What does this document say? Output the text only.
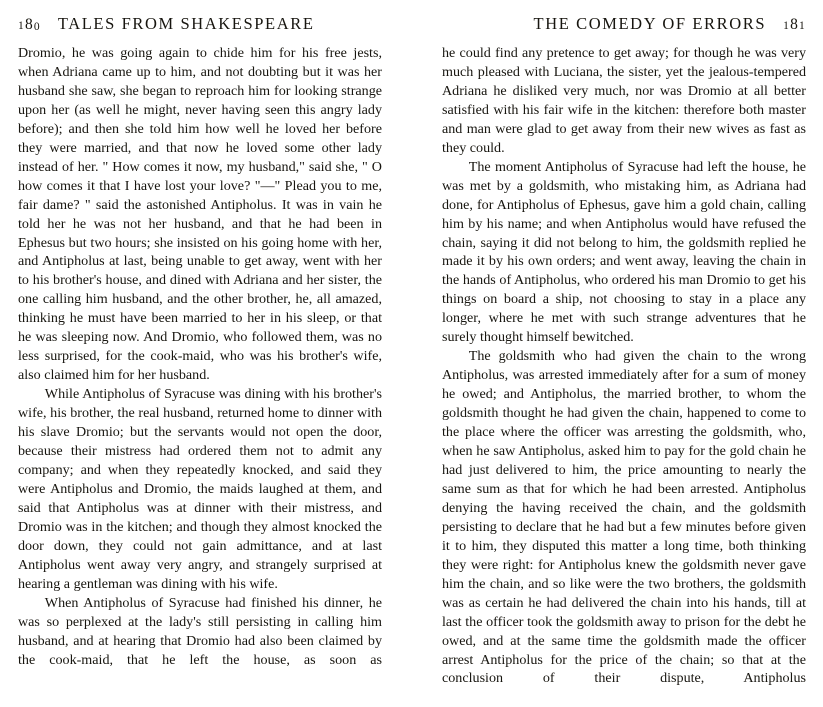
180 TALES FROM SHAKESPEARE	THE COMEDY OF ERRORS 181

Dromio, he was going again to chide him for his free jests, when Adriana came up to him, and not doubting but it was her husband she saw, she began to reproach him for looking strange upon her (as well he might, never having seen this angry lady before); and then she told him how well he loved her before they were married, and that now he loved some other lady instead of her. " How comes it now, my husband," said she, " O how comes it that I have lost your love? "—" Plead you to me, fair dame? " said the astonished Antipholus. It was in vain he told her he was not her husband, and that he had been in Ephesus but two hours; she insisted on his going home with her, and Antipholus at last, being unable to get away, went with her to his brother's house, and dined with Adriana and her sister, the one calling him husband, and the other brother, he, all amazed, thinking he must have been married to her in his sleep, or that he was sleeping now. And Dromio, who followed them, was no less surprised, for the cook-maid, who was his brother's wife, also claimed him for her husband.

While Antipholus of Syracuse was dining with his brother's wife, his brother, the real husband, returned home to dinner with his slave Dromio; but the servants would not open the door, because their mistress had ordered them not to admit any company; and when they repeatedly knocked, and said they were Antipholus and Dromio, the maids laughed at them, and said that Antipholus was at dinner with their mistress, and Dromio was in the kitchen; and though they almost knocked the door down, they could not gain admittance, and at last Antipholus went away very angry, and strangely surprised at hearing a gentleman was dining with his wife.

When Antipholus of Syracuse had finished his dinner, he was so perplexed at the lady's still persisting in calling him husband, and at hearing that Dromio had also been claimed by the cook-maid, that he left the house, as soon as

he could find any pretence to get away; for though he was very much pleased with Luciana, the sister, yet the jealous-tempered Adriana he disliked very much, nor was Dromio at all better satisfied with his fair wife in the kitchen: therefore both master and man were glad to get away from their new wives as fast as they could.

The moment Antipholus of Syracuse had left the house, he was met by a goldsmith, who mistaking him, as Adriana had done, for Antipholus of Ephesus, gave him a gold chain, calling him by his name; and when Antipholus would have refused the chain, saying it did not belong to him, the goldsmith replied he made it by his own orders; and went away, leaving the chain in the hands of Antipholus, who ordered his man Dromio to get his things on board a ship, not choosing to stay in a place any longer, where he met with such strange adventures that he surely thought himself bewitched.

The goldsmith who had given the chain to the wrong Antipholus, was arrested immediately after for a sum of money he owed; and Antipholus, the married brother, to whom the goldsmith thought he had given the chain, happened to come to the place where the officer was arresting the goldsmith, who, when he saw Antipholus, asked him to pay for the gold chain he had just delivered to him, the price amounting to nearly the same sum as that for which he had been arrested. Antipholus denying the having received the chain, and the goldsmith persisting to declare that he had but a few minutes before given it to him, they disputed this matter a long time, both thinking they were right: for Antipholus knew the goldsmith never gave him the chain, and so like were the two brothers, the goldsmith was as certain he had delivered the chain into his hands, till at last the officer took the goldsmith away to prison for the debt he owed, and at the same time the goldsmith made the officer arrest Antipholus for the price of the chain; so that at the conclusion of their dispute, Antipholus
